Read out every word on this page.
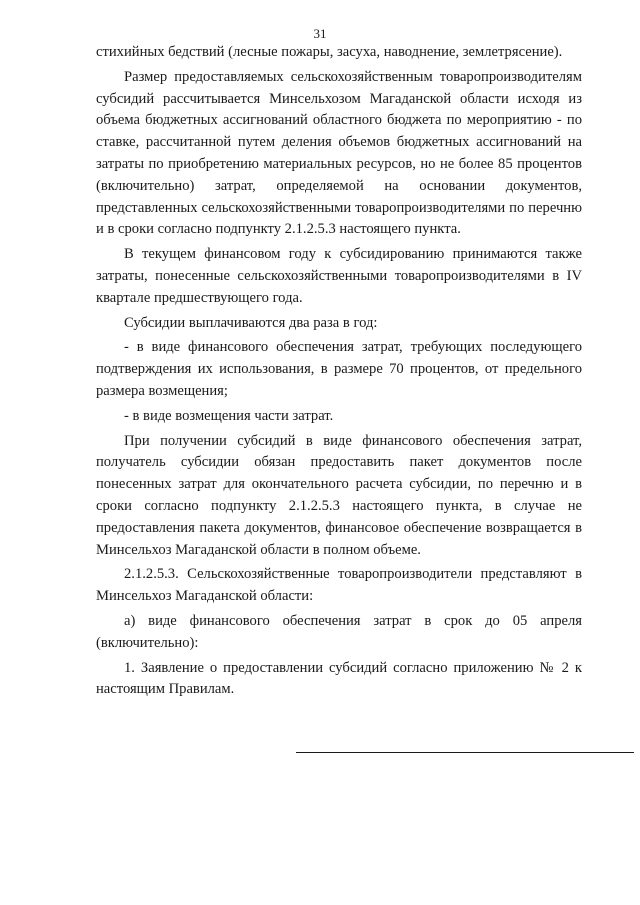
31

стихийных бедствий (лесные пожары, засуха, наводнение, землетрясение).

Размер предоставляемых сельскохозяйственным товаропроизводителям субсидий рассчитывается Минсельхозом Магаданской области исходя из объема бюджетных ассигнований областного бюджета по мероприятию - по ставке, рассчитанной путем деления объемов бюджетных ассигнований на затраты по приобретению материальных ресурсов, но не более 85 процентов (включительно) затрат, определяемой на основании документов, представленных сельскохозяйственными товаропроизводителями по перечню и в сроки согласно подпункту 2.1.2.5.3 настоящего пункта.

В текущем финансовом году к субсидированию принимаются также затраты, понесенные сельскохозяйственными товаропроизводителями в IV квартале предшествующего года.

Субсидии выплачиваются два раза в год:

- в виде финансового обеспечения затрат, требующих последующего подтверждения их использования, в размере 70 процентов, от предельного размера возмещения;

- в виде возмещения части затрат.

При получении субсидий в виде финансового обеспечения затрат, получатель субсидии обязан предоставить пакет документов после понесенных затрат для окончательного расчета субсидии, по перечню и в сроки согласно подпункту 2.1.2.5.3 настоящего пункта, в случае не предоставления пакета документов, финансовое обеспечение возвращается в Минсельхоз Магаданской области в полном объеме.

2.1.2.5.3. Сельскохозяйственные товаропроизводители представляют в Минсельхоз Магаданской области:

а) виде финансового обеспечения затрат в срок до 05 апреля (включительно):

1. Заявление о предоставлении субсидий согласно приложению № 2 к настоящим Правилам.
